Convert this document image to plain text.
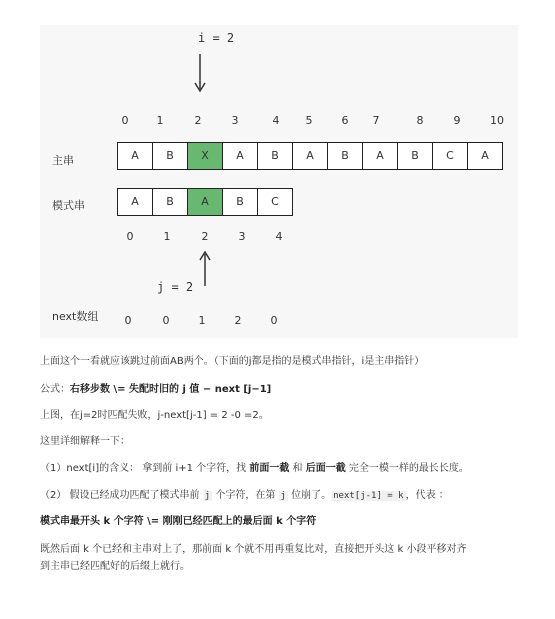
i = 2
0	1	2	3	4	5	6	7	8	9	10
主串	A	B	X	A	B	A	B	A	B	C	A
模式串	A	B	A	B	C
0	1	2	3	4
j = 2
next数组	0	0	1	2	0
上面这个一看就应该跳过前面AB两个。（下面的j都是指的是模式串指针，i是主串指针）
公式：右移步数 \= 失配时旧的 j 值 − next [j−1]
上图，在j=2时匹配失败，j-next[j-1] = 2 -0 =2。
这里详细解释一下：
（1）next[i]的含义： 拿到前 i+1 个字符，找 前面一截 和 后面一截 完全一模一样的最长长度。
（2） 假设已经成功匹配了模式串前 j 个字符，在第 j 位崩了。 next[j-1] = k ，代表 ：
模式串最开头 k 个字符 \= 刚刚已经匹配上的最后面 k 个字符
既然后面 k 个已经和主串对上了，那前面 k 个就不用再重复比对，直接把开头这 k 小段平移对齐
到主串已经匹配好的后缀上就行。
